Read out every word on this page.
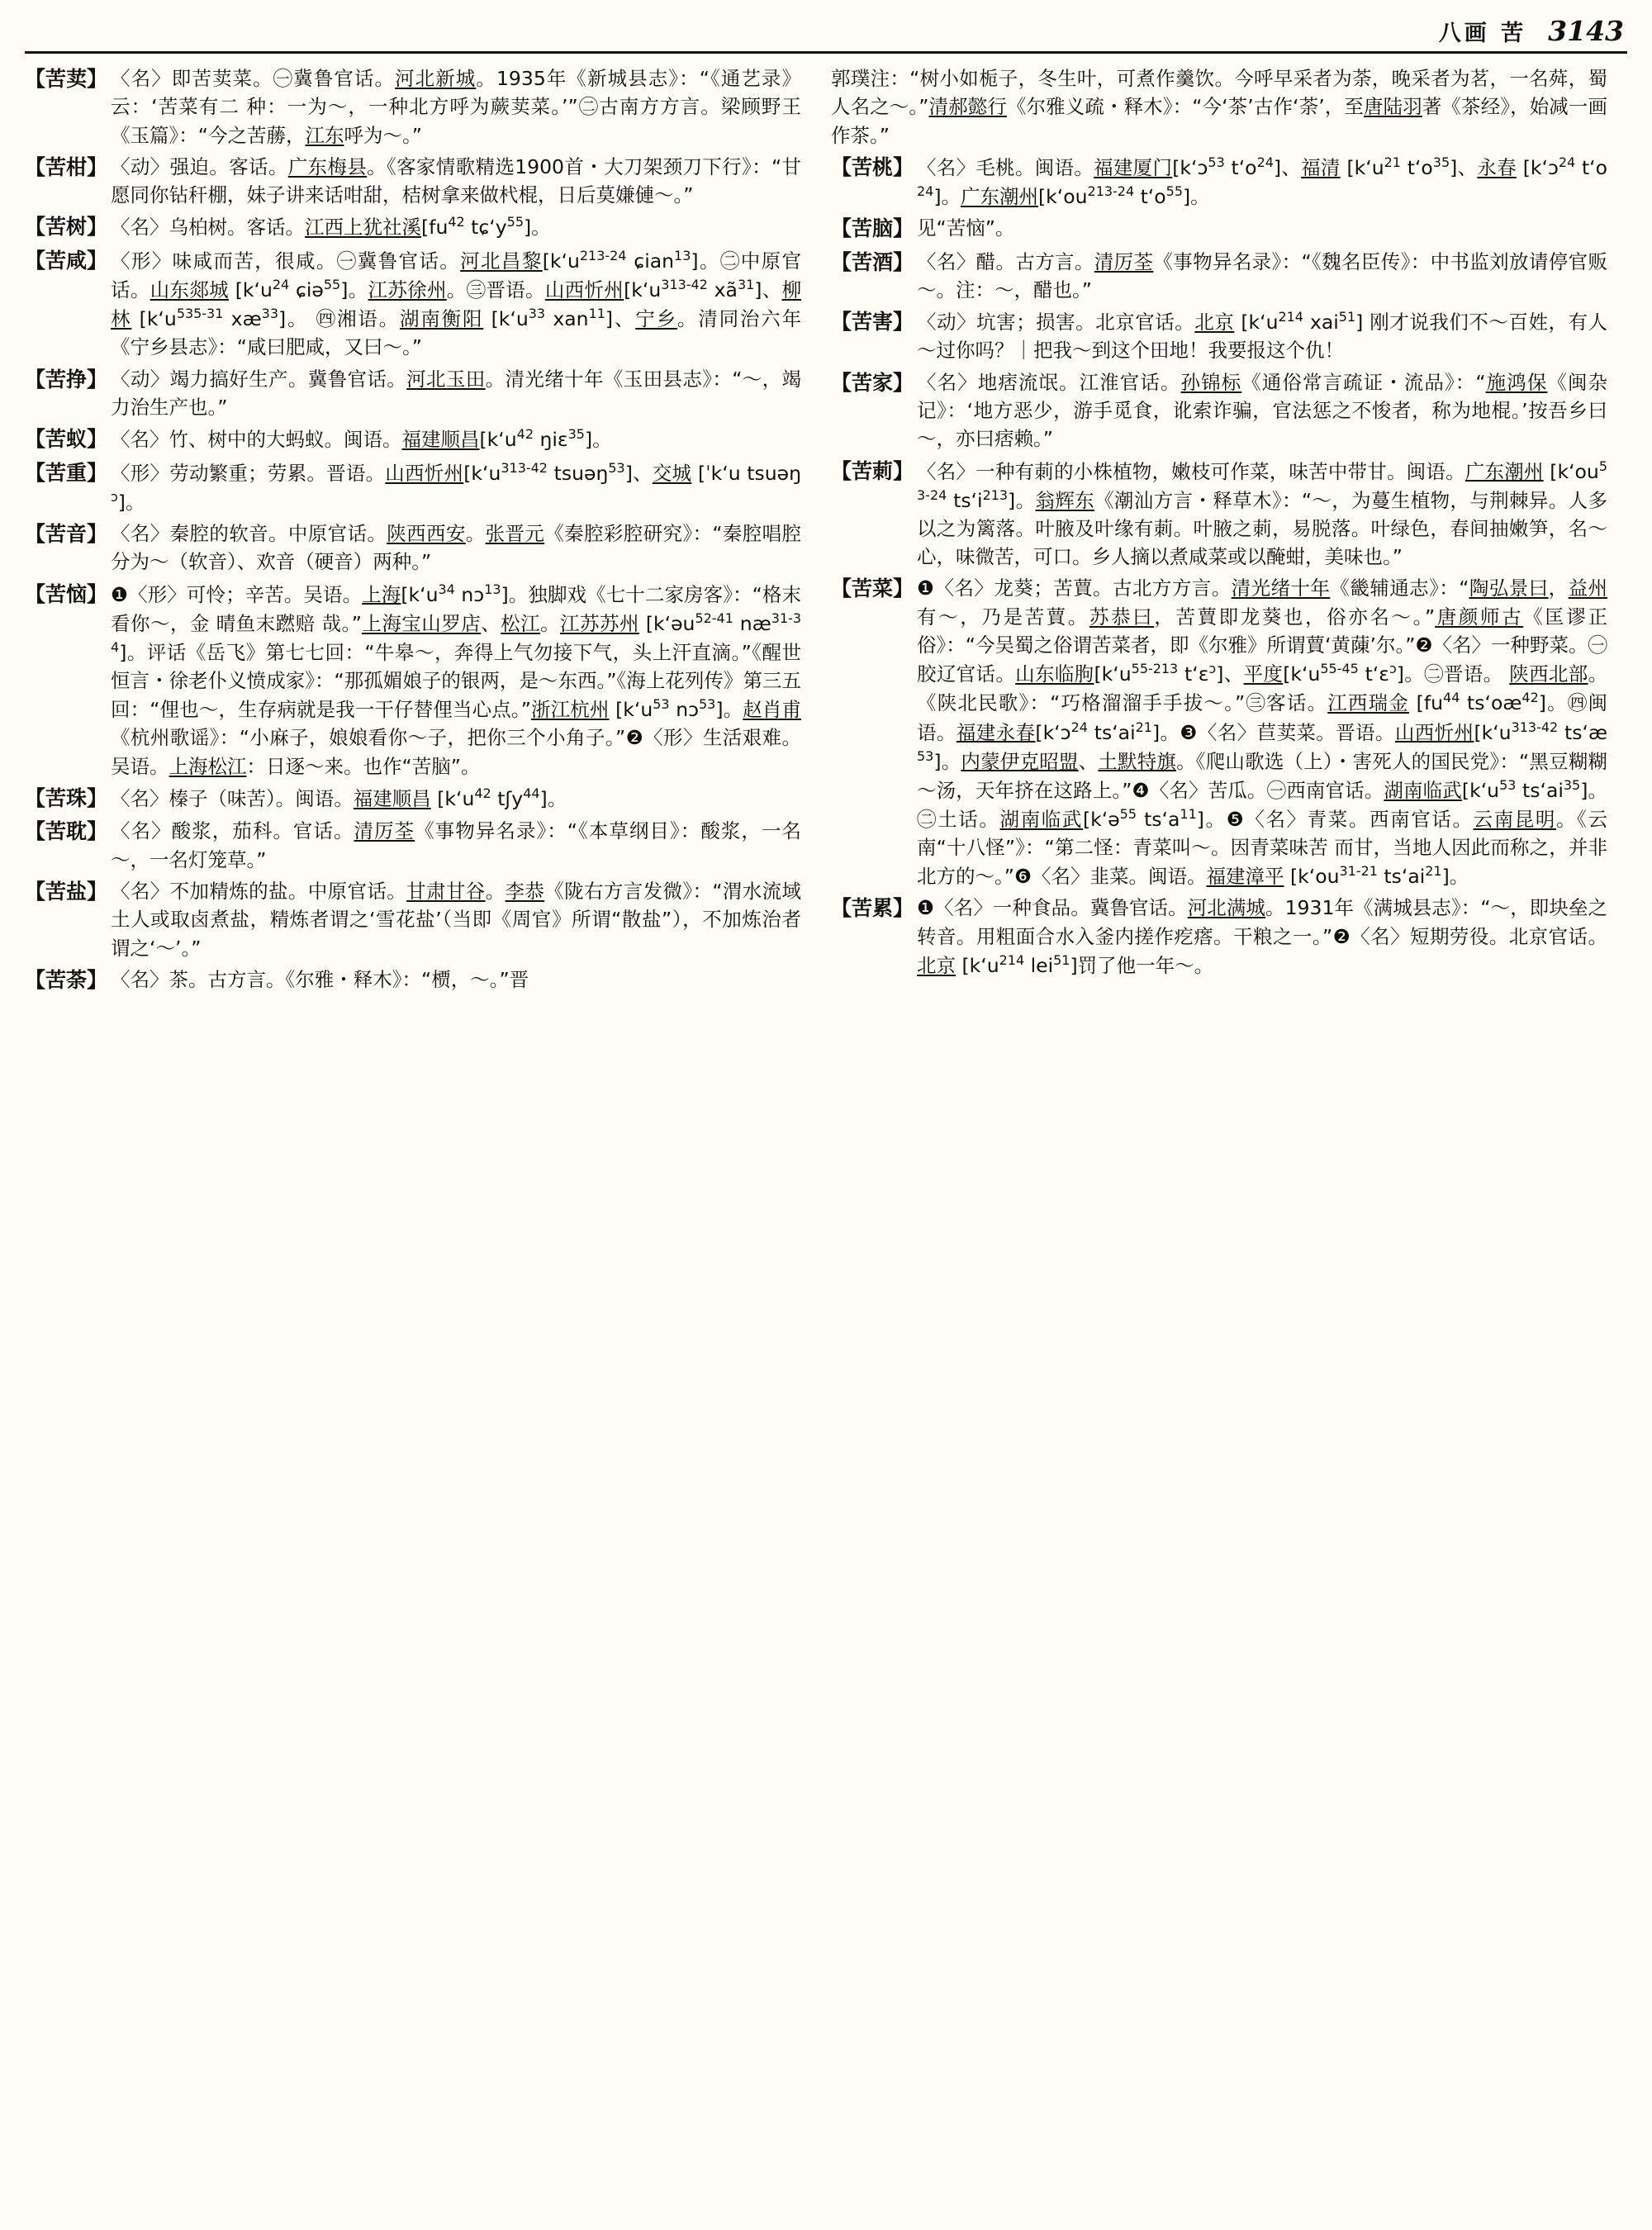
八画 苦 3143
【苦荬】 〈名〉即苦荬菜。㊀冀鲁官话。河北新城。1935年《新城县志》：“《通艺录》云：‘苦菜有二 种：一为～，一种北方呼为蕨荬菜。’”㊁古南方方言。梁顾野王《玉篇》：“今之苦蕂，江东呼为～。”
【苦柑】 〈动〉强迫。客话。广东梅县。《客家情歌精选1900首・大刀架颈刀下行》：“甘愿同你钻秆棚，妹子讲来话咁甜，桔树拿来做杙棍，日后莫嫌僆～。”
【苦树】 〈名〉乌柏树。客话。江西上犹社溪[$fu^{42}$ tɕʻy$^{55}$]。
【苦咸】 〈形〉味咸而苦，很咸。㊀冀鲁官话。河北昌黎[kʻu$^{213-24}$ ɕian$^{13}$]。㊁中原官话。山东郯城 [kʻu$^{24}$ ɕiə$^{55}$]。江苏徐州。㊂晋语。山西忻州[kʻu$^{313-42}$ $xã^{31}$]、柳林 [kʻu$^{535-31}$ $xæ^{33}$]。 ㊃湘语。湖南衡阳 [kʻu$^{33}$ xan$^{11}$]、宁乡。清同治六年《宁乡县志》：“咸曰肥咸，又曰～。”
【苦挣】 〈动〉竭力搞好生产。冀鲁官话。河北玉田。清光绪十年《玉田县志》：“～，竭力治生产也。”
【苦蚁】 〈名〉竹、树中的大蚂蚁。闽语。福建顺昌[kʻu$^{42}$ ŋiɛ$^{35}$]。
【苦重】 〈形〉劳动繁重；劳累。晋语。山西忻州[kʻu$^{313-42}$ tsuəŋ$^{53}$]、交城 [ˈkʻu tsuəŋ$^ɔ$]。
【苦音】 〈名〉秦腔的软音。中原官话。陕西西安。张晋元《秦腔彩腔研究》：“秦腔唱腔分为～（软音）、欢音（硬音）两种。”
【苦恼】 ❶〈形〉可怜；辛苦。吴语。上海[kʻu$^{34}$ nɔ$^{13}$]。独脚戏《七十二家房客》：“格末看你～，金 晴鱼末蹨赔 哉。”上海宝山罗店、松江。江苏苏州 [kʻəu$^{52-41}$ $næ^{31-34}$]。评话《岳飞》第七七回：“牛皋～，奔得上气勿接下气，头上汗直滴。”《醒世恒言・徐老仆义愤成家》：“那孤媚娘子的银两，是～东西。”《海上花列传》第三五回：“俚也～，生存病就是我一干仔替俚当心点。”浙江杭州 [kʻu$^{53}$ nɔ$^{53}$]。赵肖甫《杭州歌谣》：“小麻子，娘娘看你～子，把你三个小角子。”❷〈形〉生活艰难。吴语。上海松江：日逐～来。也作“苦脑”。
【苦珠】 〈名〉榛子（味苦）。闽语。福建顺昌 [kʻu$^{42}$ tʃy$^{44}$]。
【苦耽】 〈名〉酸浆，茄科。官话。清厉荃《事物异名录》：“《本草纲目》：酸浆，一名～，一名灯笼草。”
【苦盐】 〈名〉不加精炼的盐。中原官话。甘肃甘谷。李恭《陇右方言发微》：“渭水流域土人或取卤煮盐，精炼者谓之‘雪花盐’（当即《周官》所谓“散盐”），不加炼治者谓之‘～’。”
【苦荼】 〈名〉茶。古方言。《尔雅・释木》：“槚，～。”晋
郭璞注：“树小如栀子，冬生叶，可煮作羹饮。今呼早采者为荼，晚采者为茗，一名荈，蜀人名之～。”清郝懿行《尔雅义疏・释木》：“今‘茶’古作‘荼’，至唐陆羽著《茶经》，始减一画作茶。”
【苦桃】 〈名〉毛桃。闽语。福建厦门[kʻɔ$^{53}$ tʻo$^{24}$]、福清 [kʻu$^{21}$ tʻo$^{35}$]、永春 [kʻɔ$^{24}$ tʻo$^{24}$]。广东潮州[kʻou$^{213-24}$ tʻo$^{55}$]。
【苦脑】 见“苦恼”。
【苦酒】 〈名〉醋。古方言。清厉荃《事物异名录》：“《魏名臣传》：中书监刘放请停官贩～。注：～，醋也。”
【苦害】 〈动〉坑害；损害。北京官话。北京 [kʻu$^{214}$ xai$^{51}$] 刚才说我们不～百姓，有人～过你吗？｜把我～到这个田地！我要报这个仇！
【苦家】 〈名〉地痞流氓。江淮官话。孙锦标《通俗常言疏证・流品》：“施鸿保《闽杂记》：‘地方恶少，游手觅食，讹索诈骗，官法惩之不悛者，称为地棍。’按吾乡曰～，亦曰痞赖。”
【苦莿】 〈名〉一种有莿的小株植物，嫩枝可作菜，味苦中带甘。闽语。广东潮州 [kʻou$^{53-24}$ tsʻi$^{213}$]。翁辉东《潮汕方言・释草木》：“～，为蔓生植物，与荆棘异。人多以之为篱落。叶腋及叶缘有莿。叶腋之莿，易脱落。叶绿色，春间抽嫩笋，名～心，味微苦，可口。乡人摘以煮咸菜或以醃蚶，美味也。”
【苦菜】 ❶〈名〉龙葵；苦蕒。古北方方言。清光绪十年《畿辅通志》：“陶弘景曰，益州有～，乃是苦蕒。苏恭曰，苦蕒即龙葵也，俗亦名～。”唐颜师古《匡谬正俗》：“今吴蜀之俗谓苦菜者，即《尔雅》所谓蕒‘黄蔯’尔。”❷〈名〉一种野菜。㊀胶辽官话。山东临朐[kʻu$^{55-213}$ tʻɛ$^ɔ$]、平度[kʻu$^{55-45}$ tʻɛ$^ɔ$]。㊁晋语。 陕西北部。《陕北民歌》：“巧格溜溜手手拔～。”㊂客话。江西瑞金 [$fu^{44}$ tsʻoæ$^{42}$]。㊃闽语。福建永春[kʻɔ$^{24}$ tsʻai$^{21}$]。❸〈名〉苣荬菜。晋语。山西忻州[kʻu$^{313-42}$ tsʻæ$^{53}$]。内蒙伊克昭盟、土默特旗。《爬山歌选（上）・害死人的国民党》：“黑豆糊糊～汤，天年挤在这路上。”❹〈名〉苦瓜。㊀西南官话。湖南临武[kʻu$^{53}$ tsʻai$^{35}$]。㊁土话。湖南临武[kʻə$^{55}$ tsʻa$^{11}$]。❺〈名〉青菜。西南官话。云南昆明。《云南“十八怪”》：“第二怪：青菜叫～。因青菜味苦 而甘，当地人因此而称之，并非北方的～。”❻〈名〉韭菜。闽语。福建漳平 [kʻou$^{31-21}$ tsʻai$^{21}$]。
【苦累】 ❶〈名〉一种食品。冀鲁官话。河北满城。1931年《满城县志》：“～，即块垒之转音。用粗面合水入釜内搓作疙瘩。干粮之一。”❷〈名〉短期劳役。北京官话。北京 [kʻu$^{214}$ lei$^{51}$]罚了他一年～。
